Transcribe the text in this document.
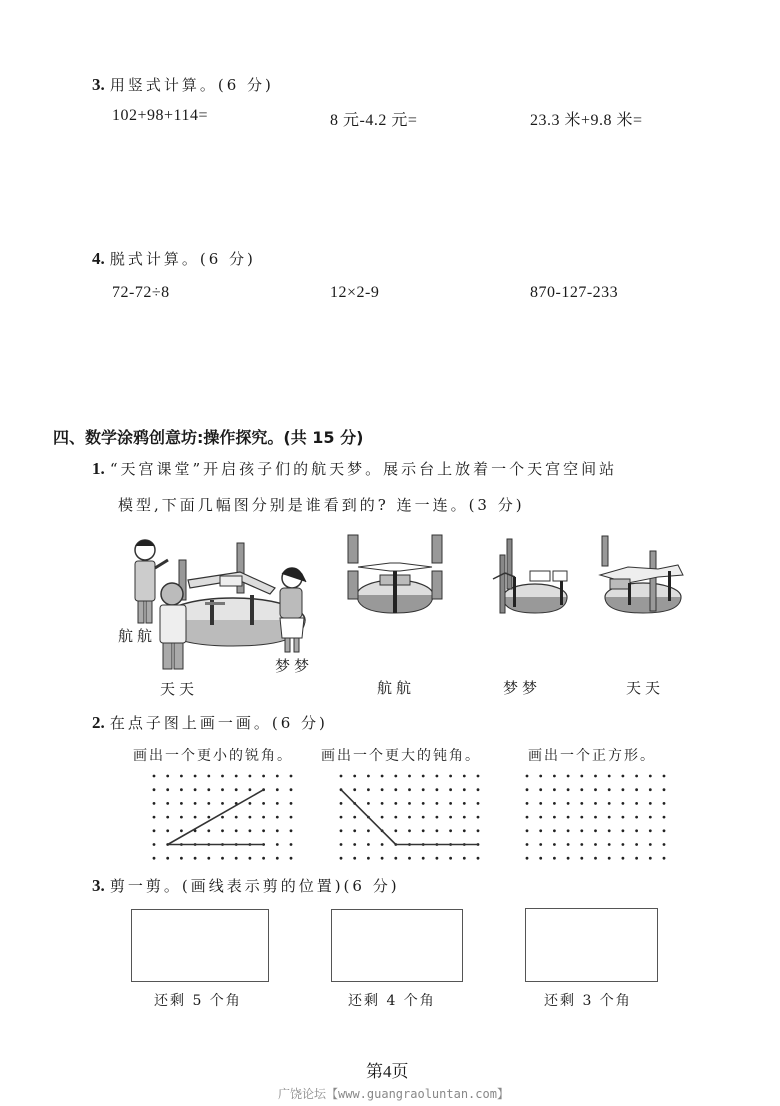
3. 用竖式计算。(6 分)
102+98+114=	8 元-4.2 元=	23.3 米+9.8 米=
4. 脱式计算。(6 分)
72-72÷8	12×2-9	870-127-233
四、数学涂鸦创意坊:操作探究。(共 15 分)
1. “天宫课堂”开启孩子们的航天梦。展示台上放着一个天宫空间站
模型,下面几幅图分别是谁看到的? 连一连。(3 分)
航航
梦梦
天天	航航	梦梦	天天
2. 在点子图上画一画。(6 分)
画出一个更小的锐角。 画出一个更大的钝角。	画出一个正方形。
3. 剪一剪。(画线表示剪的位置)(6 分)
还剩 5 个角	还剩 4 个角	还剩 3 个角
第4页
广饶论坛【www.guangraoluntan.com】
